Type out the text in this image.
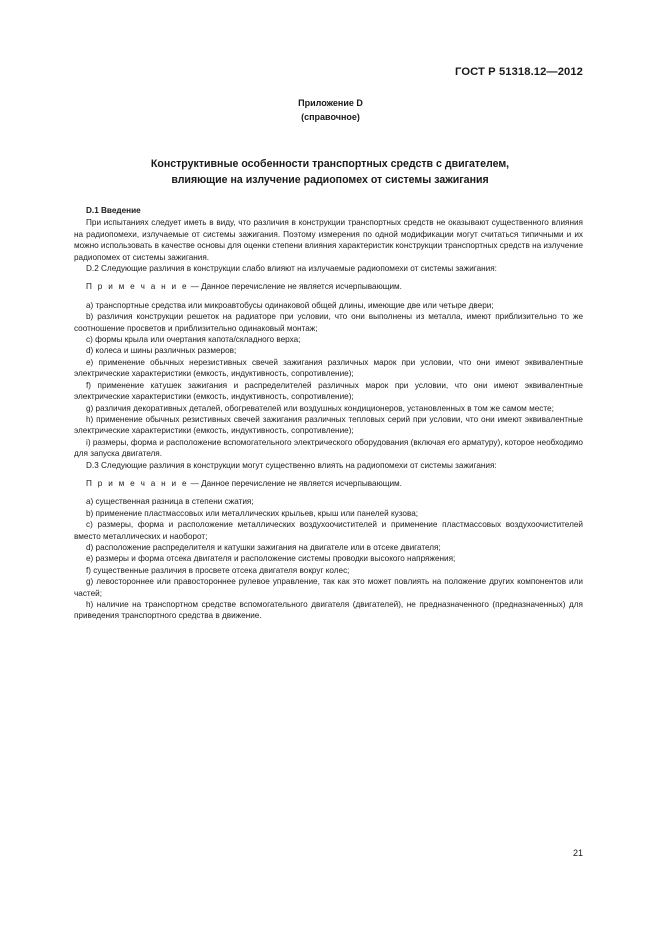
ГОСТ Р 51318.12—2012
Приложение D
(справочное)
Конструктивные особенности транспортных средств с двигателем,
влияющие на излучение радиопомех от системы зажигания

D.1 Введение

При испытаниях следует иметь в виду, что различия в конструкции транспортных средств не оказывают существенного влияния на радиопомехи, излучаемые от системы зажигания. Поэтому измерения по одной модификации могут считаться типичными и их можно использовать в качестве основы для оценки степени влияния характеристик конструкции транспортных средств на излучение радиопомех от системы зажигания.

D.2 Следующие различия в конструкции слабо влияют на излучаемые радиопомехи от системы зажигания:

П р и м е ч а н и е — Данное перечисление не является исчерпывающим.

a) транспортные средства или микроавтобусы одинаковой общей длины, имеющие две или четыре двери;

b) различия конструкции решеток на радиаторе при условии, что они выполнены из металла, имеют приблизительно то же соотношение просветов и приблизительно одинаковый монтаж;

c) формы крыла или очертания капота/складного верха;

d) колеса и шины различных размеров;

e) применение обычных нерезистивных свечей зажигания различных марок при условии, что они имеют эквивалентные электрические характеристики (емкость, индуктивность, сопротивление);

f) применение катушек зажигания и распределителей различных марок при условии, что они имеют эквивалентные электрические характеристики (емкость, индуктивность, сопротивление);

g) различия декоративных деталей, обогревателей или воздушных кондиционеров, установленных в том же самом месте;

h) применение обычных резистивных свечей зажигания различных тепловых серий при условии, что они имеют эквивалентные электрические характеристики (емкость, индуктивность, сопротивление);

i) размеры, форма и расположение вспомогательного электрического оборудования (включая его арматуру), которое необходимо для запуска двигателя.

D.3 Следующие различия в конструкции могут существенно влиять на радиопомехи от системы зажигания:

П р и м е ч а н и е — Данное перечисление не является исчерпывающим.

a) существенная разница в степени сжатия;

b) применение пластмассовых или металлических крыльев, крыш или панелей кузова;

c) размеры, форма и расположение металлических воздухоочистителей и применение пластмассовых воздухоочистителей вместо металлических и наоборот;

d) расположение распределителя и катушки зажигания на двигателе или в отсеке двигателя;

e) размеры и форма отсека двигателя и расположение системы проводки высокого напряжения;

f) существенные различия в просвете отсека двигателя вокруг колес;

g) левостороннее или правостороннее рулевое управление, так как это может повлиять на положение других компонентов или частей;

h) наличие на транспортном средстве вспомогательного двигателя (двигателей), не предназначенного (предназначенных) для приведения транспортного средства в движение.

21
